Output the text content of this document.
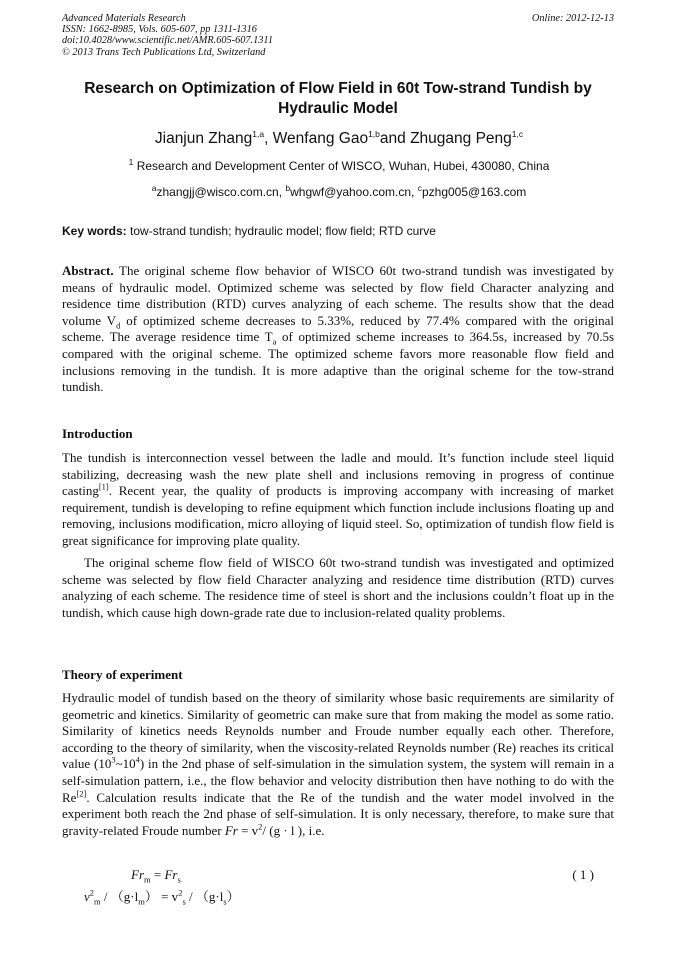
Advanced Materials Research
ISSN: 1662-8985, Vols. 605-607, pp 1311-1316
doi:10.4028/www.scientific.net/AMR.605-607.1311
© 2013 Trans Tech Publications Ltd, Switzerland
Online: 2012-12-13
Research on Optimization of Flow Field in 60t Tow-strand Tundish by Hydraulic Model
Jianjun Zhang$^{1,a}$, Wenfang Gao$^{1,b}$and Zhugang Peng$^{1,c}$
$^1$ Research and Development Center of WISCO, Wuhan, Hubei, 430080, China
$^a$zhangjj@wisco.com.cn, $^b$whgwf@yahoo.com.cn, $^c$pzhg005@163.com
Key words: tow-strand tundish; hydraulic model; flow field; RTD curve
Abstract. The original scheme flow behavior of WISCO 60t two-strand tundish was investigated by means of hydraulic model. Optimized scheme was selected by flow field Character analyzing and residence time distribution (RTD) curves analyzing of each scheme. The results show that the dead volume $V_d$ of optimized scheme decreases to 5.33%, reduced by 77.4% compared with the original scheme. The average residence time $T_a$ of optimized scheme increases to 364.5s, increased by 70.5s compared with the original scheme. The optimized scheme favors more reasonable flow field and inclusions removing in the tundish. It is more adaptive than the original scheme for the tow-strand tundish.
Introduction
The tundish is interconnection vessel between the ladle and mould. It’s function include steel liquid stabilizing, decreasing wash the new plate shell and inclusions removing in progress of continue casting[1]. Recent year, the quality of products is improving accompany with increasing of market requirement, tundish is developing to refine equipment which function include inclusions floating up and removing, inclusions modification, micro alloying of liquid steel. So, optimization of tundish flow field is great significance for improving plate quality.
The original scheme flow field of WISCO 60t two-strand tundish was investigated and optimized scheme was selected by flow field Character analyzing and residence time distribution (RTD) curves analyzing of each scheme. The residence time of steel is short and the inclusions couldn’t float up in the tundish, which cause high down-grade rate due to inclusion-related quality problems.
Theory of experiment
Hydraulic model of tundish based on the theory of similarity whose basic requirements are similarity of geometric and kinetics. Similarity of geometric can make sure that from making the model as some ratio. Similarity of kinetics needs Reynolds number and Froude number equally each other. Therefore, according to the theory of similarity, when the viscosity-related Reynolds number (Re) reaches its critical value $(10^3\sim 10^4)$ in the 2nd phase of self-simulation in the simulation system, the system will remain in a self-simulation pattern, i.e., the flow behavior and velocity distribution then have nothing to do with the Re[2]. Calculation results indicate that the Re of the tundish and the water model involved in the experiment both reach the 2nd phase of self-simulation. It is only necessary, therefore, to make sure that gravity-related Froude number $Fr = v^2/$ (g · l ), i.e.
$Fr_m = Fr_s$	( 1 )
$v^2_m / (g\cdot l_m) = v^2_s / (g\cdot l_s)$
